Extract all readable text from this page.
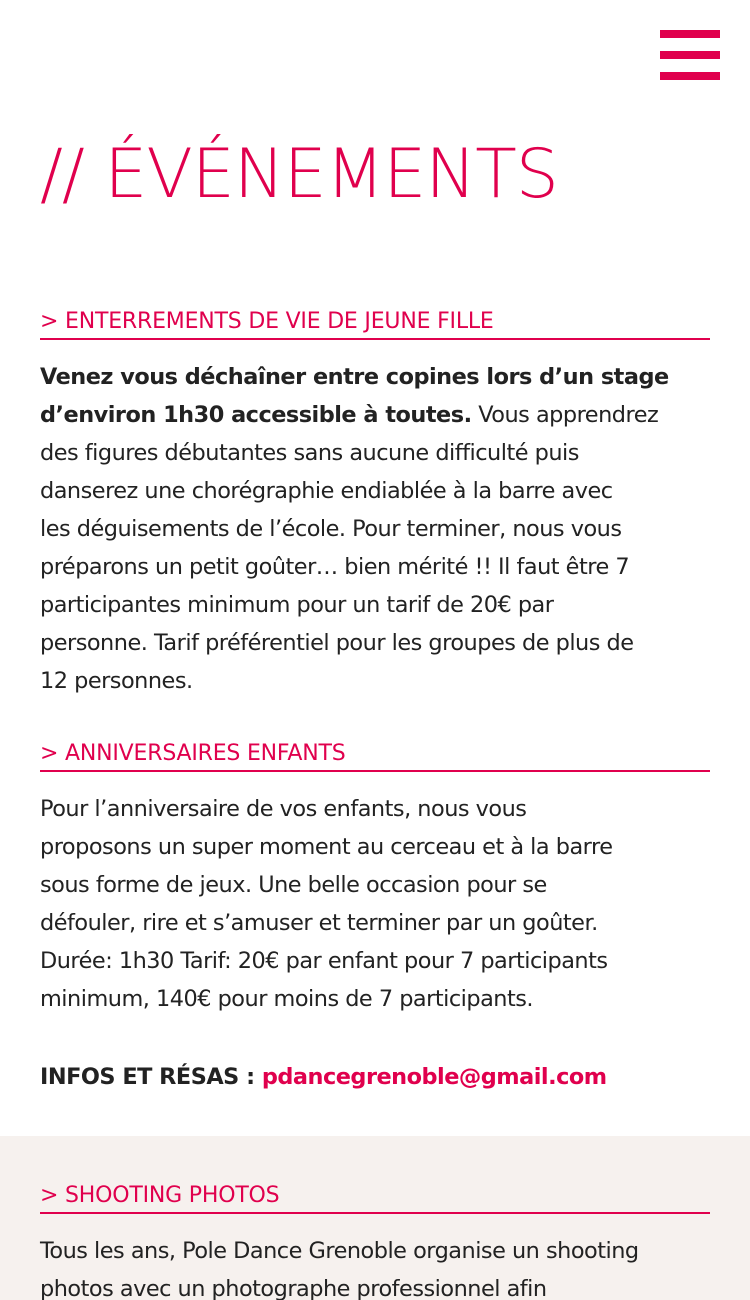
// ÉVÉNEMENTS
> ENTERREMENTS DE VIE DE JEUNE FILLE

Venez vous déchaîner entre copines lors d’un stage
d’environ 1h30 accessible à toutes. Vous apprendrez
des figures débutantes sans aucune difficulté puis
danserez une chorégraphie endiablée à la barre avec
les déguisements de l’école. Pour terminer, nous vous
préparons un petit goûter… bien mérité !! Il faut être 7
participantes minimum pour un tarif de 20€ par
personne. Tarif préférentiel pour les groupes de plus de
12 personnes.

> ANNIVERSAIRES ENFANTS

Pour l’anniversaire de vos enfants, nous vous
proposons un super moment au cerceau et à la barre
sous forme de jeux. Une belle occasion pour se
défouler, rire et s’amuser et terminer par un goûter.
Durée: 1h30 Tarif: 20€ par enfant pour 7 participants
minimum, 140€ pour moins de 7 participants.

INFOS ET RÉSAS : pdancegrenoble@gmail.com

> SHOOTING PHOTOS

Tous les ans, Pole Dance Grenoble organise un shooting
photos avec un photographe professionnel afin
